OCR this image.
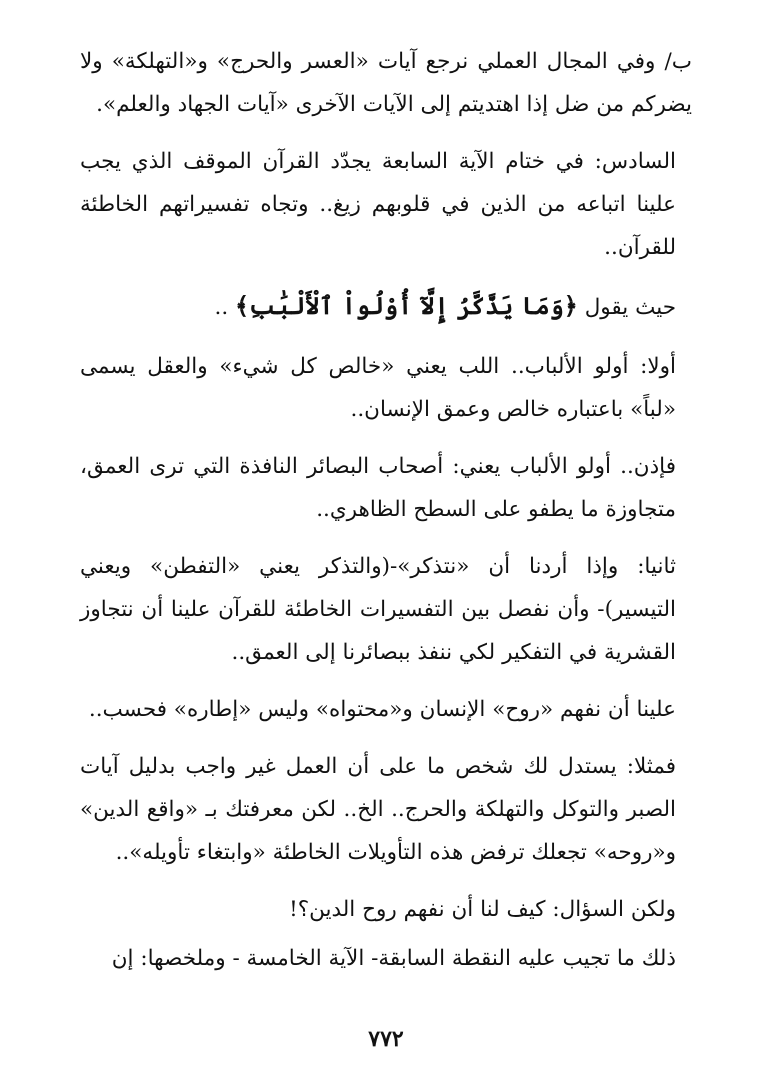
ب/ وفي المجال العملي نرجع آيات «العسر والحرج» و«التهلكة» ولا يضركم من ضل إذا اهتديتم إلى الآيات الآخرى «آيات الجهاد والعلم».

السادس: في ختام الآية السابعة يجدّد القرآن الموقف الذي يجب علينا اتباعه من الذين في قلوبهم زيغ.. وتجاه تفسيراتهم الخاطئة للقرآن..

حيث يقول ﴿وَمَا يَذَّكَّرُ إِلَّآ أُوْلُواْ ٱلْأَلْبَٰبِ﴾ ..

أولا: أولو الألباب.. اللب يعني «خالص كل شيء» والعقل يسمى «لباً» باعتباره خالص وعمق الإنسان..

فإذن.. أولو الألباب يعني: أصحاب البصائر النافذة التي ترى العمق، متجاوزة ما يطفو على السطح الظاهري..

ثانيا: وإذا أردنا أن «نتذكر»-(والتذكر يعني «التفطن» ويعني التيسير)- وأن نفصل بين التفسيرات الخاطئة للقرآن علينا أن نتجاوز القشرية في التفكير لكي ننفذ ببصائرنا إلى العمق..

علينا أن نفهم «روح» الإنسان و«محتواه» وليس «إطاره» فحسب..

فمثلا: يستدل لك شخص ما على أن العمل غير واجب بدليل آيات الصبر والتوكل والتهلكة والحرج.. الخ.. لكن معرفتك بـ «واقع الدين» و«روحه» تجعلك ترفض هذه التأويلات الخاطئة «وابتغاء تأويله»..

ولكن السؤال: كيف لنا أن نفهم روح الدين؟!

ذلك ما تجيب عليه النقطة السابقة- الآية الخامسة - وملخصها: إن

٧٧٢
